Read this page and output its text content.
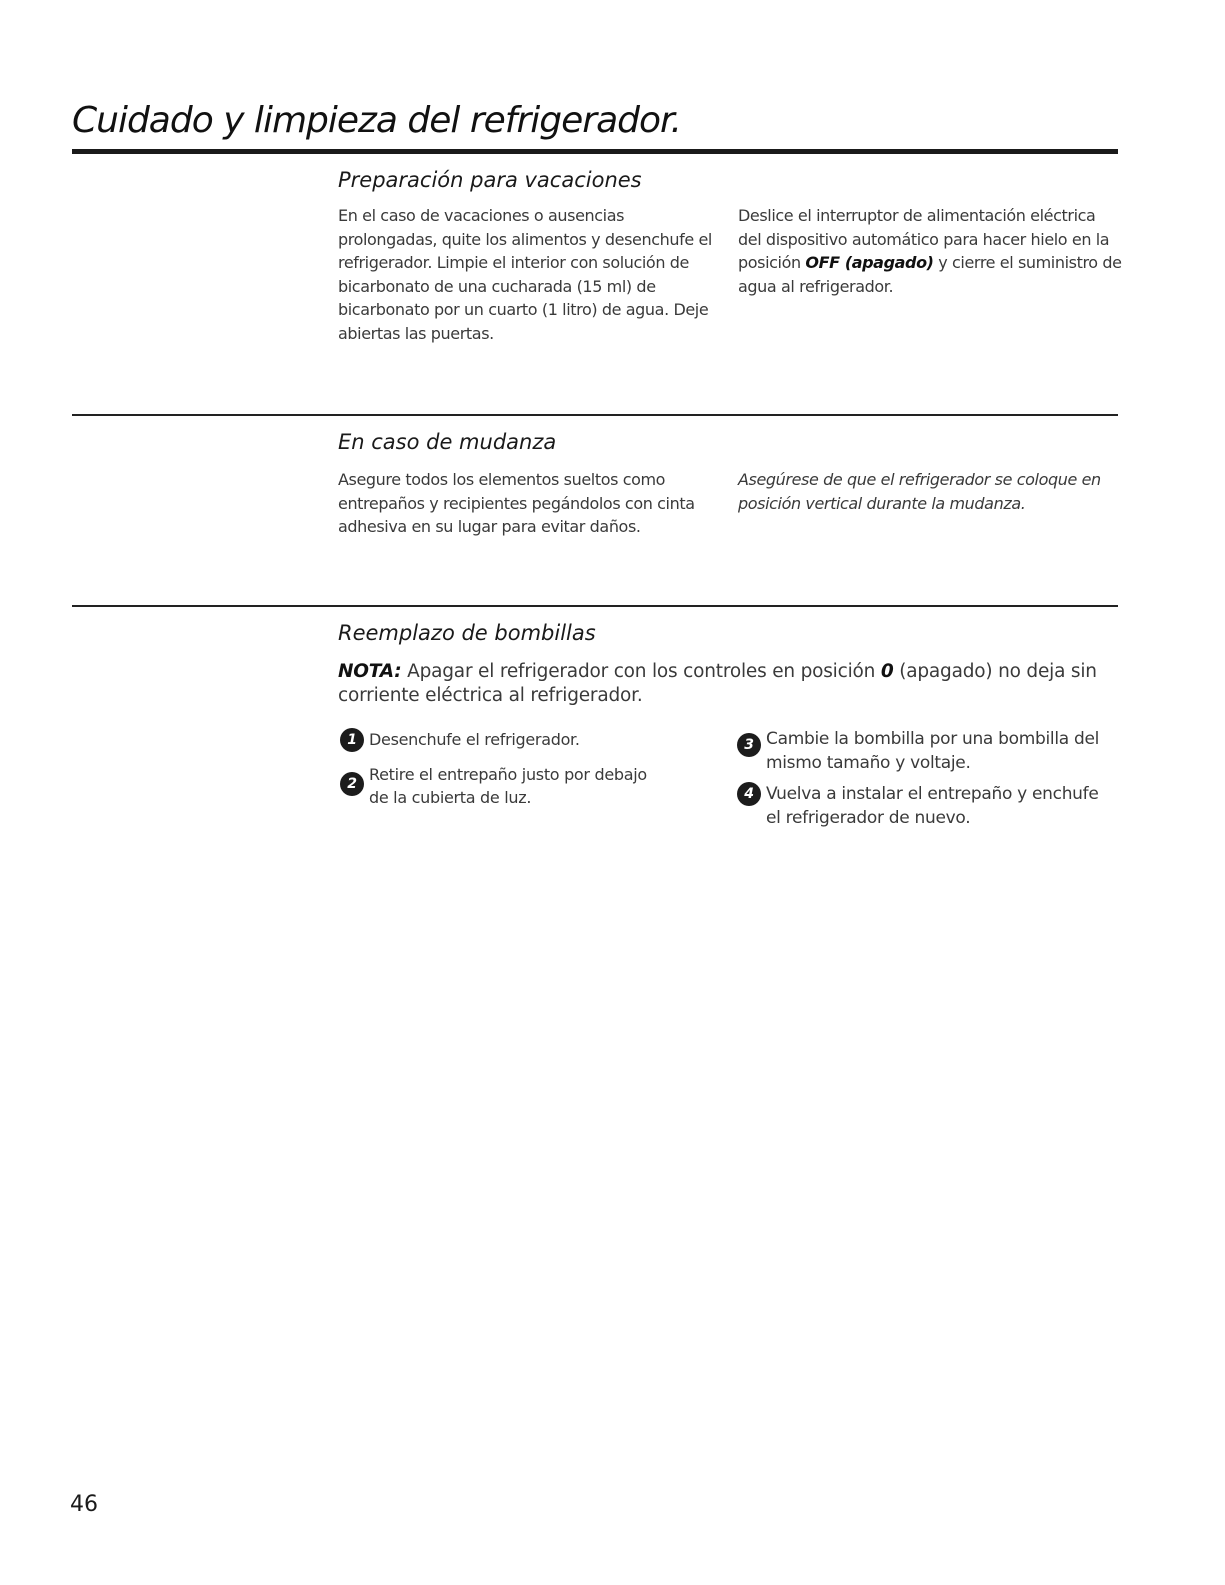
Cuidado y limpieza del refrigerador.
Preparación para vacaciones

En el caso de vacaciones o ausencias prolongadas, quite los alimentos y desenchufe el refrigerador. Limpie el interior con solución de bicarbonato de una cucharada (15 ml) de bicarbonato por un cuarto (1 litro) de agua. Deje abiertas las puertas.

Deslice el interruptor de alimentación eléctrica del dispositivo automático para hacer hielo en la posición OFF (apagado) y cierre el suministro de agua al refrigerador.

En caso de mudanza

Asegure todos los elementos sueltos como entrepaños y recipientes pegándolos con cinta adhesiva en su lugar para evitar daños.

Asegúrese de que el refrigerador se coloque en posición vertical durante la mudanza.

Reemplazo de bombillas

NOTA: Apagar el refrigerador con los controles en posición 0 (apagado) no deja sin corriente eléctrica al refrigerador.

1 Desenchufe el refrigerador.
2 Retire el entrepaño justo por debajo de la cubierta de luz.
3 Cambie la bombilla por una bombilla del mismo tamaño y voltaje.
4 Vuelva a instalar el entrepaño y enchufe el refrigerador de nuevo.
46
